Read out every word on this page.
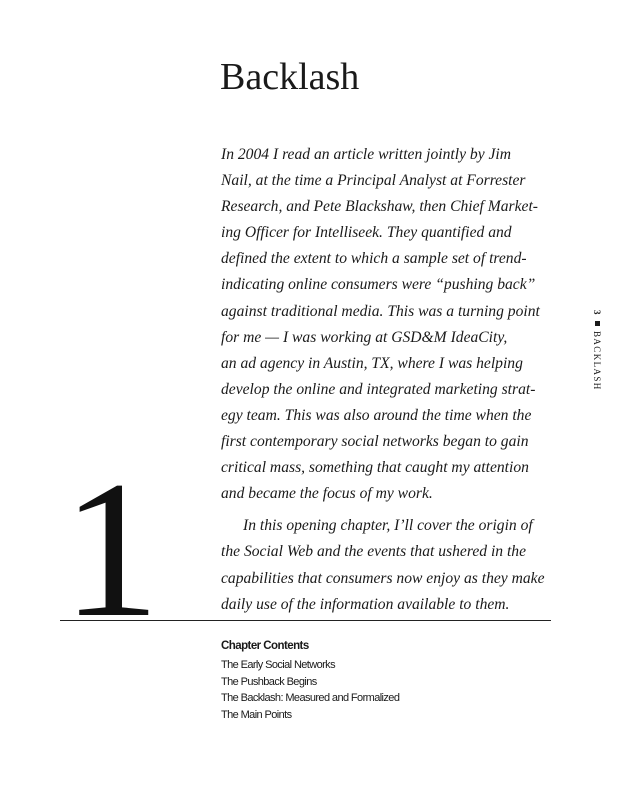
Backlash

In 2004 I read an article written jointly by Jim

Nail, at the time a Principal Analyst at Forrester

Research, and Pete Blackshaw, then Chief Market-

ing Officer for Intelliseek. They quantified and

defined the extent to which a sample set of trend-

indicating online consumers were “pushing back”

against traditional media. This was a turning point

for me — I was working at GSD&M IdeaCity,

an ad agency in Austin, TX, where I was helping

develop the online and integrated marketing strat-

egy team. This was also around the time when the

first contemporary social networks began to gain

critical mass, something that caught my attention

and became the focus of my work.

In this opening chapter, I’ll cover the origin of

the Social Web and the events that ushered in the

capabilities that consumers now enjoy as they make

daily use of the information available to them.

1	Chapter Contents
The Early Social Networks
The Pushback Begins
The Backlash: Measured and Formalized
The Main Points
3
BACKLASH
